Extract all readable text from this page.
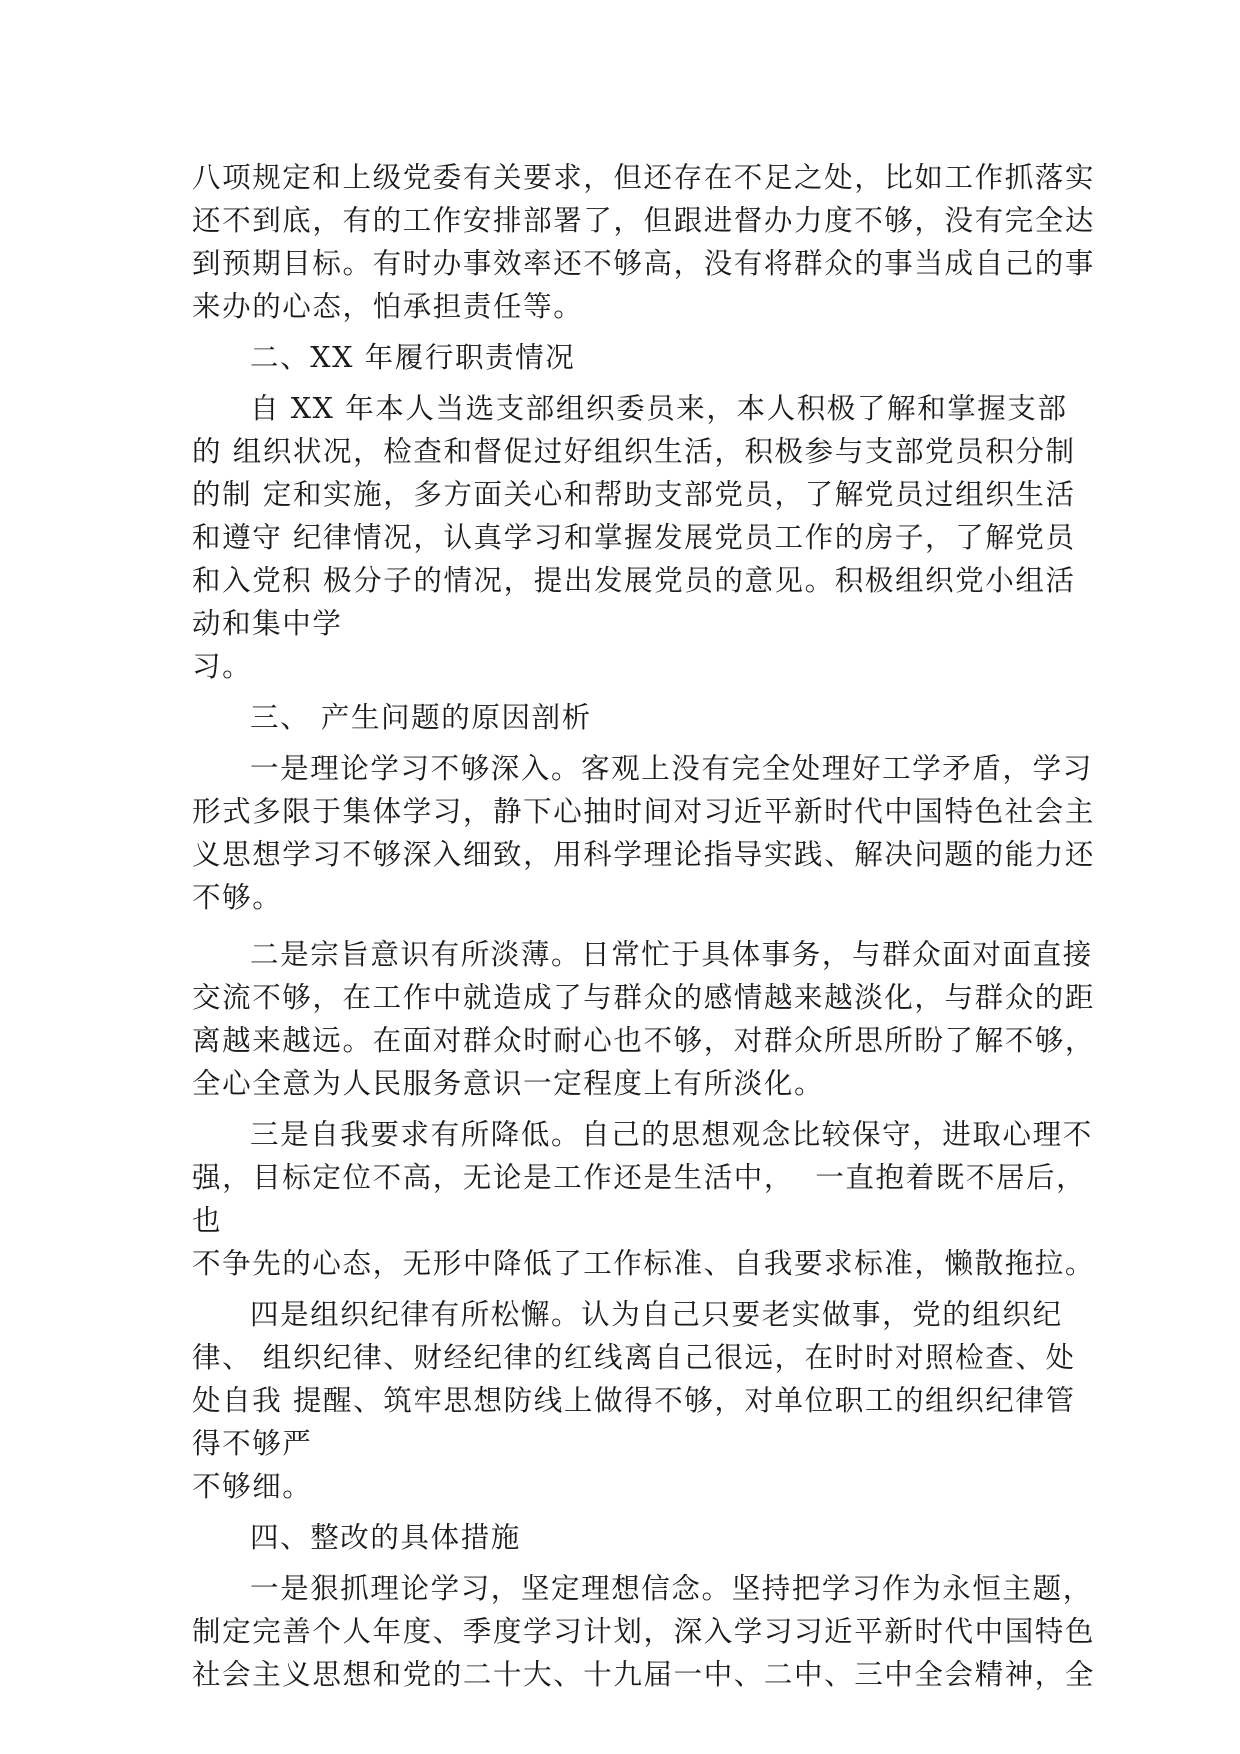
八项规定和上级党委有关要求，但还存在不足之处，比如工作抓落实
还不到底，有的工作安排部署了，但跟进督办力度不够，没有完全达
到预期目标。有时办事效率还不够高，没有将群众的事当成自己的事
来办的心态，怕承担责任等。
二、XX 年履行职责情况
自 XX 年本人当选支部组织委员来，本人积极了解和掌握支部
的 组织状况，检查和督促过好组织生活，积极参与支部党员积分制
的制 定和实施，多方面关心和帮助支部党员，了解党员过组织生活
和遵守 纪律情况，认真学习和掌握发展党员工作的房子，了解党员
和入党积 极分子的情况，提出发展党员的意见。积极组织党小组活
动和集中学
习。
三、 产生问题的原因剖析
一是理论学习不够深入。客观上没有完全处理好工学矛盾，学习
形式多限于集体学习，静下心抽时间对习近平新时代中国特色社会主
义思想学习不够深入细致，用科学理论指导实践、解决问题的能力还
不够。
二是宗旨意识有所淡薄。日常忙于具体事务，与群众面对面直接
交流不够，在工作中就造成了与群众的感情越来越淡化，与群众的距
离越来越远。在面对群众时耐心也不够，对群众所思所盼了解不够，
全心全意为人民服务意识一定程度上有所淡化。
三是自我要求有所降低。自己的思想观念比较保守，进取心理不
强，目标定位不高，无论是工作还是生活中，  一直抱着既不居后，
也
不争先的心态，无形中降低了工作标准、自我要求标准，懒散拖拉。
四是组织纪律有所松懈。认为自己只要老实做事，党的组织纪
律、 组织纪律、财经纪律的红线离自己很远，在时时对照检查、处
处自我 提醒、筑牢思想防线上做得不够，对单位职工的组织纪律管
得不够严
不够细。
四、整改的具体措施
一是狠抓理论学习，坚定理想信念。坚持把学习作为永恒主题，
制定完善个人年度、季度学习计划，深入学习习近平新时代中国特色
社会主义思想和党的二十大、十九届一中、二中、三中全会精神，全
